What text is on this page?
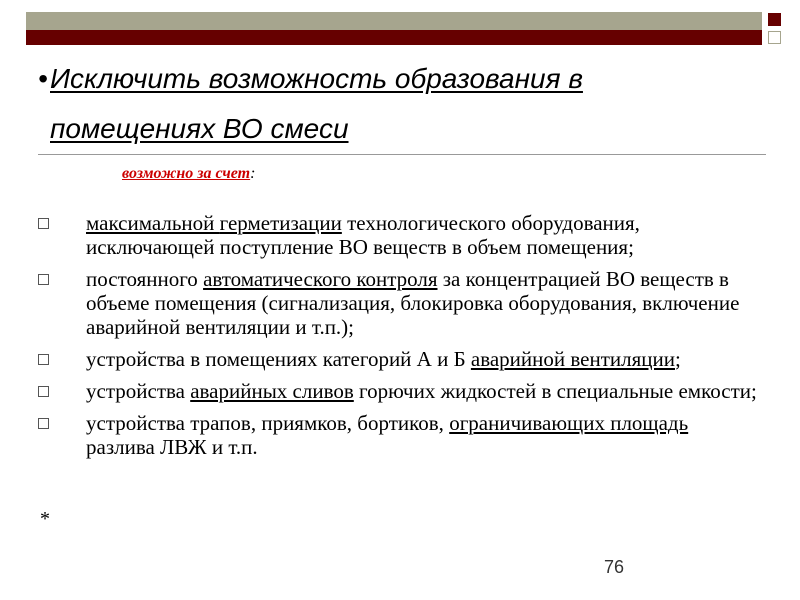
• Исключить возможность образования в
помещениях ВО смеси
возможно за счет:
максимальной герметизации технологического оборудования, исключающей поступление ВО веществ в объем помещения;
постоянного автоматического контроля за концентрацией ВО веществ в объеме помещения (сигнализация, блокировка оборудования, включение аварийной вентиляции и т.п.);
устройства в помещениях категорий А и Б аварийной вентиляции;
устройства аварийных сливов горючих жидкостей в специальные емкости;
устройства трапов, приямков, бортиков, ограничивающих площадь разлива ЛВЖ и т.п.
*
76
